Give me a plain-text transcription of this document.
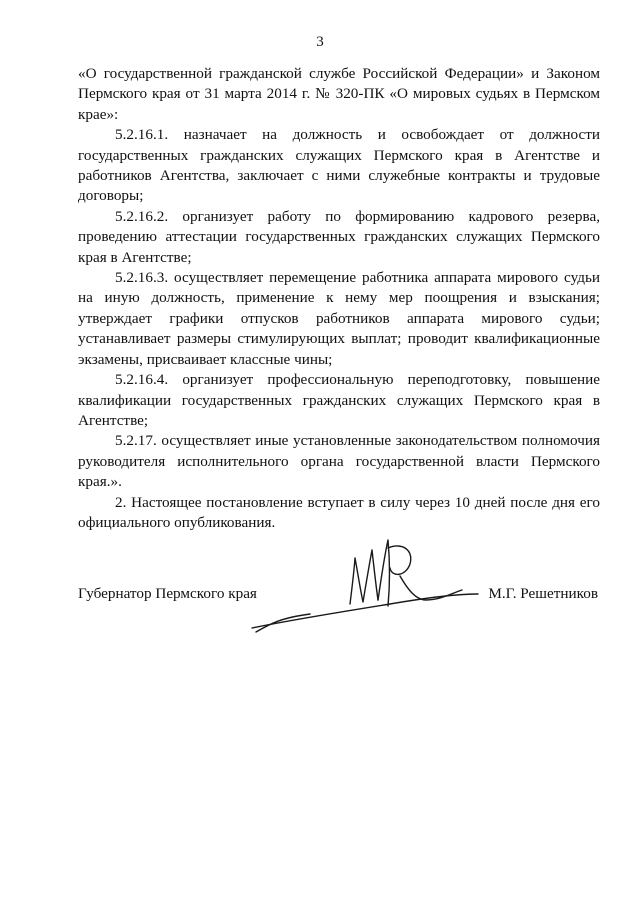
3

«О государственной гражданской службе Российской Федерации» и Законом Пермского края от 31 марта 2014 г. № 320-ПК «О мировых судьях в Пермском крае»:

5.2.16.1. назначает на должность и освобождает от должности государственных гражданских служащих Пермского края в Агентстве и работников Агентства, заключает с ними служебные контракты и трудовые договоры;

5.2.16.2. организует работу по формированию кадрового резерва, проведению аттестации государственных гражданских служащих Пермского края в Агентстве;

5.2.16.3. осуществляет перемещение работника аппарата мирового судьи на иную должность, применение к нему мер поощрения и взыскания; утверждает графики отпусков работников аппарата мирового судьи; устанавливает размеры стимулирующих выплат; проводит квалификационные экзамены, присваивает классные чины;

5.2.16.4. организует профессиональную переподготовку, повышение квалификации государственных гражданских служащих Пермского края в Агентстве;

5.2.17. осуществляет иные установленные законодательством полномочия руководителя исполнительного органа государственной власти Пермского края.».

2. Настоящее постановление вступает в силу через 10 дней после дня его официального опубликования.

Губернатор Пермского края	М.Г. Решетников
